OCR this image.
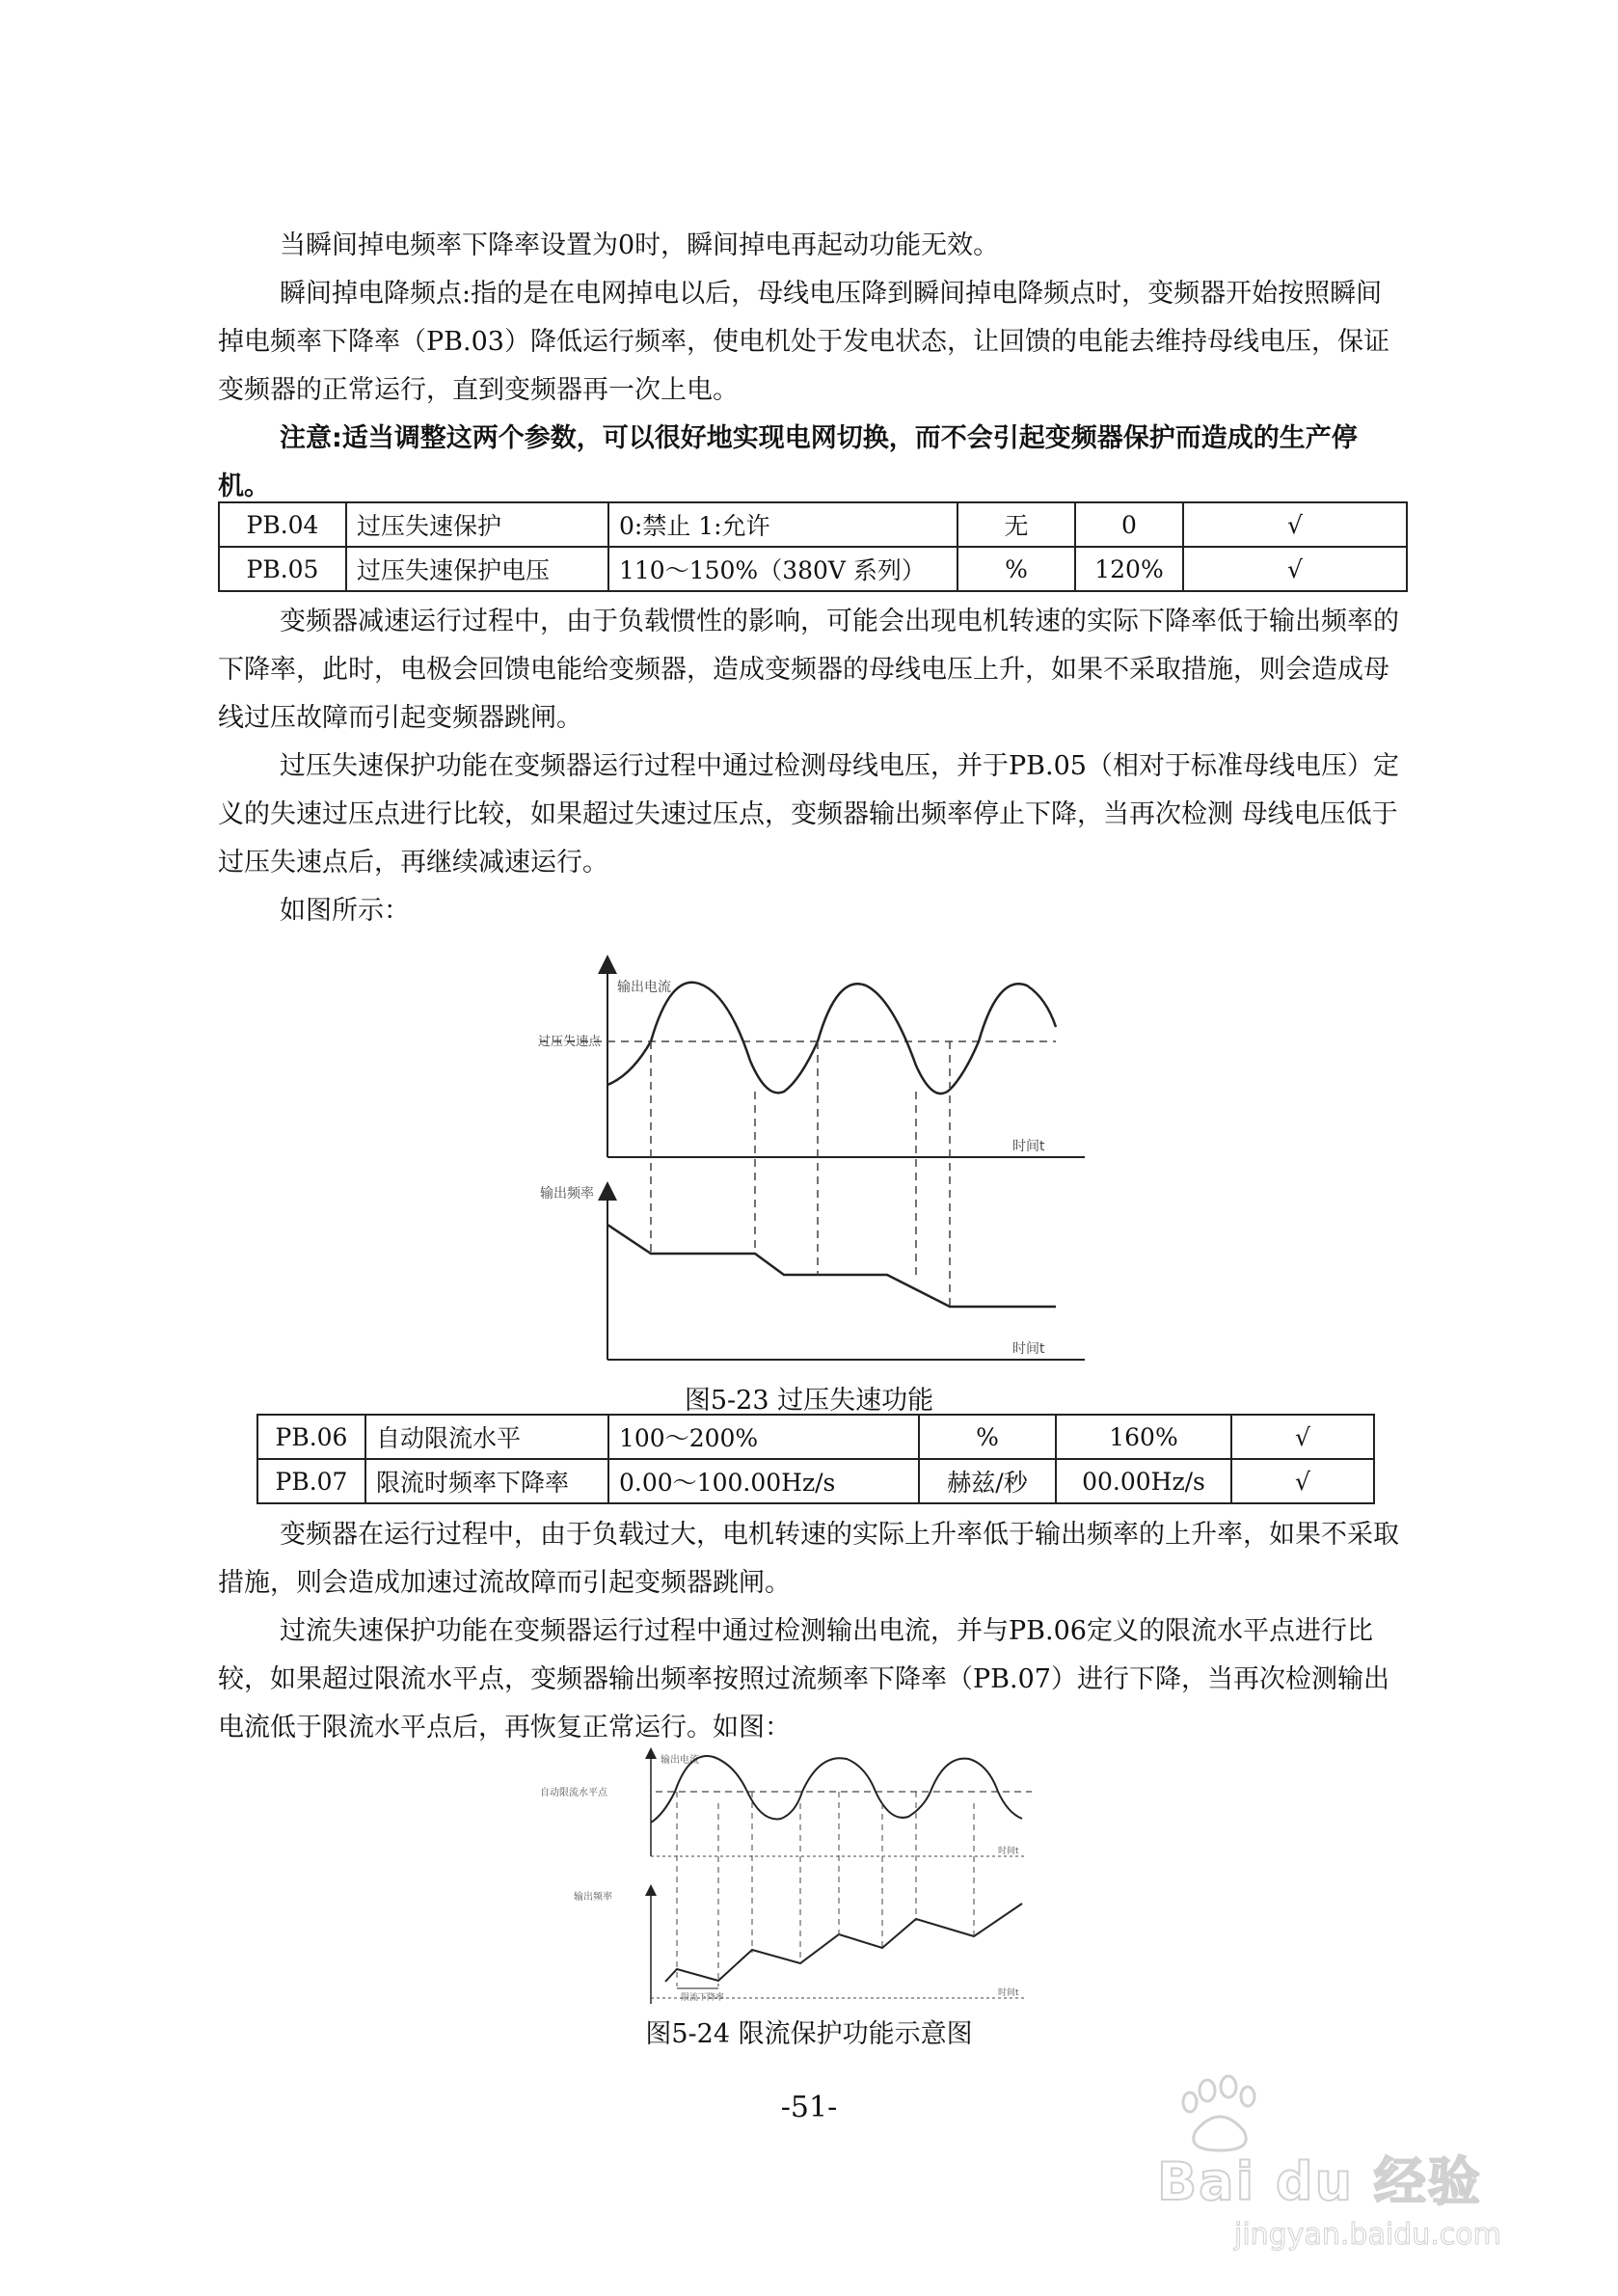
当瞬间掉电频率下降率设置为0时，瞬间掉电再起动功能无效。

瞬间掉电降频点:指的是在电网掉电以后，母线电压降到瞬间掉电降频点时，变频器开始按照瞬间掉电频率下降率（PB.03）降低运行频率，使电机处于发电状态，让回馈的电能去维持母线电压，保证变频器的正常运行，直到变频器再一次上电。

注意:适当调整这两个参数，可以很好地实现电网切换，而不会引起变频器保护而造成的生产停机。

PB.04	过压失速保护	0:禁止 1:允许	无	0	√
PB.05	过压失速保护电压	110～150%（380V 系列）	%	120%	√

变频器减速运行过程中，由于负载惯性的影响，可能会出现电机转速的实际下降率低于输出频率的下降率，此时，电极会回馈电能给变频器，造成变频器的母线电压上升，如果不采取措施，则会造成母线过压故障而引起变频器跳闸。

过压失速保护功能在变频器运行过程中通过检测母线电压，并于PB.05（相对于标准母线电压）定义的失速过压点进行比较，如果超过失速过压点，变频器输出频率停止下降，当再次检测 母线电压低于过压失速点后，再继续减速运行。

如图所示：

输出电流
时间t
过压失速点
输出频率
时间t
图5-23 过压失速功能
PB.06	自动限流水平	100～200%	%	160%	√
PB.07	限流时频率下降率	0.00～100.00Hz/s	赫兹/秒	00.00Hz/s	√

变频器在运行过程中，由于负载过大，电机转速的实际上升率低于输出频率的上升率，如果不采取措施，则会造成加速过流故障而引起变频器跳闸。

过流失速保护功能在变频器运行过程中通过检测输出电流，并与PB.06定义的限流水平点进行比较，如果超过限流水平点，变频器输出频率按照过流频率下降率（PB.07）进行下降，当再次检测输出电流低于限流水平点后，再恢复正常运行。如图：

输出电流
时间t
自动限流水平点
输出频率
时间t
限流下降率
图5-24 限流保护功能示意图
-51-
Bai du 经验
jingyan.baidu.com
